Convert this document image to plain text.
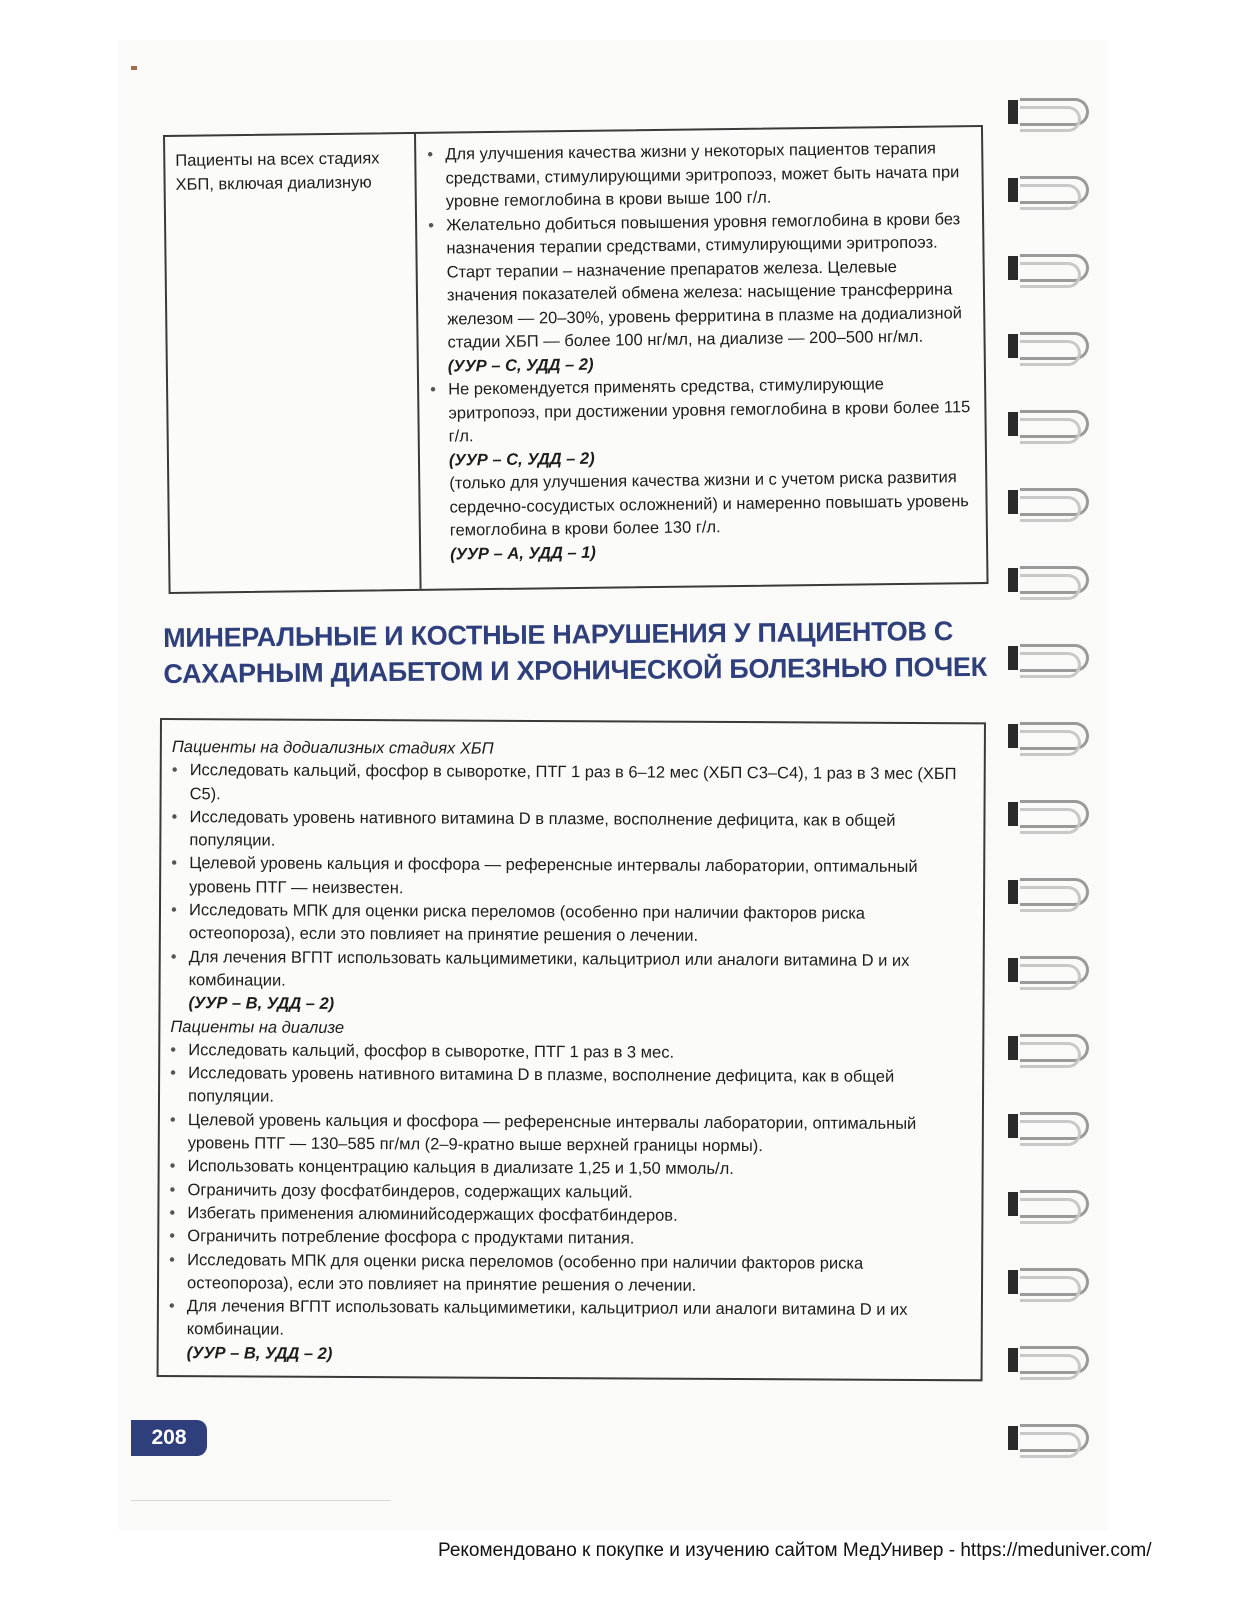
Пациенты на всех стадиях ХБП, включая диализную

• Для улучшения качества жизни у некоторых пациентов терапия средствами, стимулирующими эритропоэз, может быть начата при уровне гемоглобина в крови выше 100 г/л.

• Желательно добиться повышения уровня гемоглобина в крови без назначения терапии средствами, стимулирующими эритропоэз. Старт терапии – назначение препаратов железа. Целевые значения показателей обмена железа: насыщение трансферрина железом — 20–30%, уровень ферритина в плазме на додиализной стадии ХБП — более 100 нг/мл, на диализе — 200–500 нг/мл.

(УУР – С, УДД – 2)

• Не рекомендуется применять средства, стимулирующие эритропоэз, при достижении уровня гемоглобина в крови более 115 г/л.

(УУР – С, УДД – 2)

(только для улучшения качества жизни и с учетом риска развития сердечно-сосудистых осложнений) и намеренно повышать уровень гемоглобина в крови более 130 г/л.

(УУР – А, УДД – 1)

МИНЕРАЛЬНЫЕ И КОСТНЫЕ НАРУШЕНИЯ У ПАЦИЕНТОВ С САХАРНЫМ ДИАБЕТОМ И ХРОНИЧЕСКОЙ БОЛЕЗНЬЮ ПОЧЕК

Пациенты на додиализных стадиях ХБП

• Исследовать кальций, фосфор в сыворотке, ПТГ 1 раз в 6–12 мес (ХБП С3–С4), 1 раз в 3 мес (ХБП С5).

• Исследовать уровень нативного витамина D в плазме, восполнение дефицита, как в общей популяции.

• Целевой уровень кальция и фосфора — референсные интервалы лаборатории, оптимальный уровень ПТГ — неизвестен.

• Исследовать МПК для оценки риска переломов (особенно при наличии факторов риска остеопороза), если это повлияет на принятие решения о лечении.

• Для лечения ВГПТ использовать кальцимиметики, кальцитриол или аналоги витамина D и их комбинации.

(УУР – В, УДД – 2)

Пациенты на диализе

• Исследовать кальций, фосфор в сыворотке, ПТГ 1 раз в 3 мес.

• Исследовать уровень нативного витамина D в плазме, восполнение дефицита, как в общей популяции.

• Целевой уровень кальция и фосфора — референсные интервалы лаборатории, оптимальный уровень ПТГ — 130–585 пг/мл (2–9-кратно выше верхней границы нормы).

• Использовать концентрацию кальция в диализате 1,25 и 1,50 ммоль/л.

• Ограничить дозу фосфатбиндеров, содержащих кальций.

• Избегать применения алюминийсодержащих фосфатбиндеров.

• Ограничить потребление фосфора с продуктами питания.

• Исследовать МПК для оценки риска переломов (особенно при наличии факторов риска остеопороза), если это повлияет на принятие решения о лечении.

• Для лечения ВГПТ использовать кальцимиметики, кальцитриол или аналоги витамина D и их комбинации.

(УУР – В, УДД – 2)

208
Рекомендовано к покупке и изучению сайтом МедУнивер - https://meduniver.com/
